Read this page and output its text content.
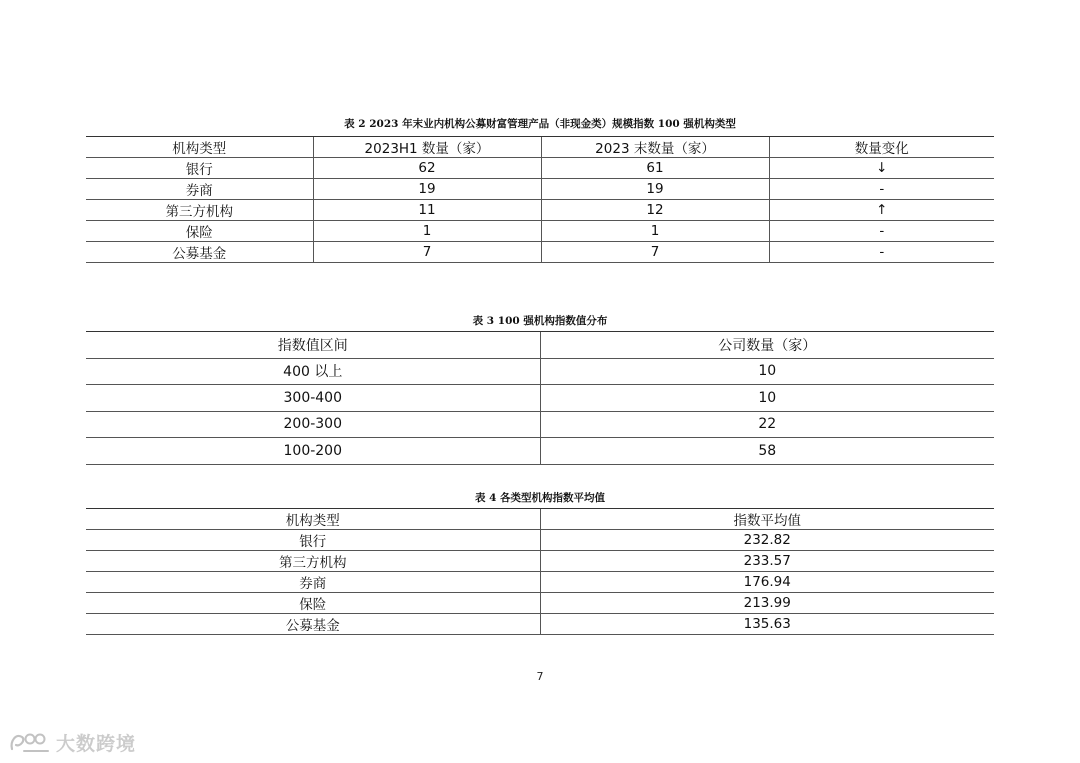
表 2 2023 年末业内机构公募财富管理产品（非现金类）规模指数 100 强机构类型
机构类型	2023H1 数量（家）	2023 末数量（家）	数量变化
银行	62	61	↓
券商	19	19	-
第三方机构	11	12	↑
保险	1	1	-
公募基金	7	7	-
表 3 100 强机构指数值分布
指数值区间	公司数量（家）
400 以上	10
300-400	10
200-300	22
100-200	58
表 4 各类型机构指数平均值
机构类型	指数平均值
银行	232.82
第三方机构	233.57
券商	176.94
保险	213.99
公募基金	135.63
7
大数跨境
